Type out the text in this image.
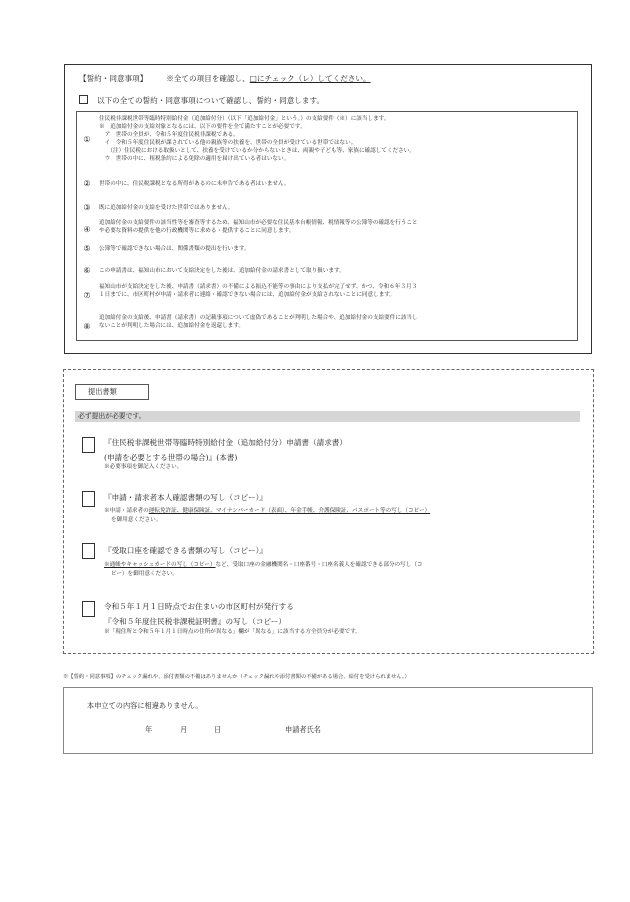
【誓約・同意事項】 ※全ての項目を確認し、□にチェック（レ）してください。
以下の全ての誓約・同意事項について確認し、誓約・同意します。
①
住民税非課税世帯等臨時特別給付金（追加給付分）（以下「追加給付金」という。）の支給要件（※）に該当します。
※　追加給付金の支給対象となるには、以下の要件を全て満たすことが必要です。
　ア　世帯の全員が、令和５年度住民税非課税である。
　イ　令和５年度住民税が課されている他の親族等の扶養を、世帯の全員が受けている世帯ではない。
　　（注）住民税における取扱いとして、扶養を受けているか分からないときは、両親や子ども等、家族に確認してください。
　ウ　世帯の中に、租税条約による免除の適用を届け出ている者はいない。
②	世帯の中に、住民税課税となる所得があるのに未申告である者はいません。
③	既に追加給付金の支給を受けた世帯ではありません。
④
追加給付金の支給要件の該当性等を審査等するため、福知山市が必要な住民基本台帳情報、税情報等の公簿等の確認を行うこと
や必要な資料の提供を他の行政機関等に求める・提供することに同意します。
⑤	公簿等で確認できない場合は、関係書類の提出を行います。
⑥	この申請書は、福知山市において支給決定をした後は、追加給付金の請求書として取り扱います。
⑦
福知山市が支給決定をした後、申請書（請求書）の不備による振込不能等の事由により支払が完了せず、かつ、令和６年３月３
１日までに、市区町村が申請・請求者に連絡・確認できない場合には、追加給付金が支給されないことに同意します。
⑧
追加給付金の支給後、申請書（請求書）の記載事項について虚偽であることが判明した場合や、追加給付金の支給要件に該当し
ないことが判明した場合には、追加給付金を返還します。
提出書類
必ず提出が必要です。
『住民税非課税世帯等臨時特別給付金（追加給付分）申請書（請求書）
(申請を必要とする世帯の場合)』(本書)
※必要事項を御記入ください。
『申請・請求者本人確認書類の写し（コピー）』
※申請・請求者の運転免許証、健康保険証、マイナンバーカード（表面）、年金手帳、介護保険証、パスポート等の写し（コピー）
を御用意ください。
『受取口座を確認できる書類の写し（コピー）』
※通帳やキャッシュカードの写し（コピー）など、受取口座の金融機関名・口座番号・口座名義人を確認できる部分の写し（コ
ピー）を御用意ください。
令和５年１月１日時点でお住まいの市区町村が発行する
『令和５年度住民税非課税証明書』の写し（コピー）
※「現住所と令和５年１月１日時点の住所が異なる」欄が「異なる」に該当する方全員分が必要です。
※【誓約・同意事項】のチェック漏れや、添付書類の不備はありませんか（チェック漏れや添付書類の不備がある場合、給付を受けられません。）
本申立ての内容に相違ありません。
年	月	日	申請者氏名
